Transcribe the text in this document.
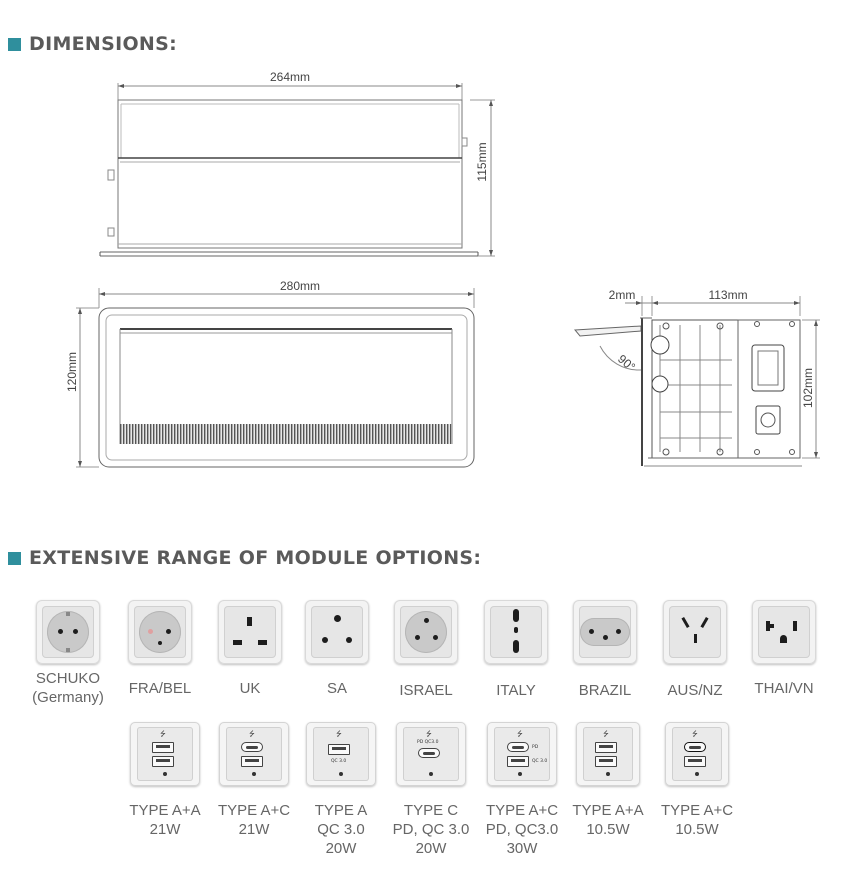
DIMENSIONS:
EXTENSIVE RANGE OF MODULE OPTIONS:
264mm
115mm
280mm
120mm
2mm	113mm
102mm
90°
SCHUKO
(Germany)
FRA/BEL	UK	SA	ISRAEL	ITALY	BRAZIL	AUS/NZ	THAI/VN
⭍
TYPE A+A
21W
⭍
TYPE A+C
21W
⭍
QC 3.0
TYPE A
QC 3.0
20W
⭍
PD QC3.0
TYPE C
PD, QC 3.0
20W
⭍
PD
QC 3.0
TYPE A+C
PD, QC3.0
30W
⭍
TYPE A+A
10.5W
⭍
TYPE A+C
10.5W
